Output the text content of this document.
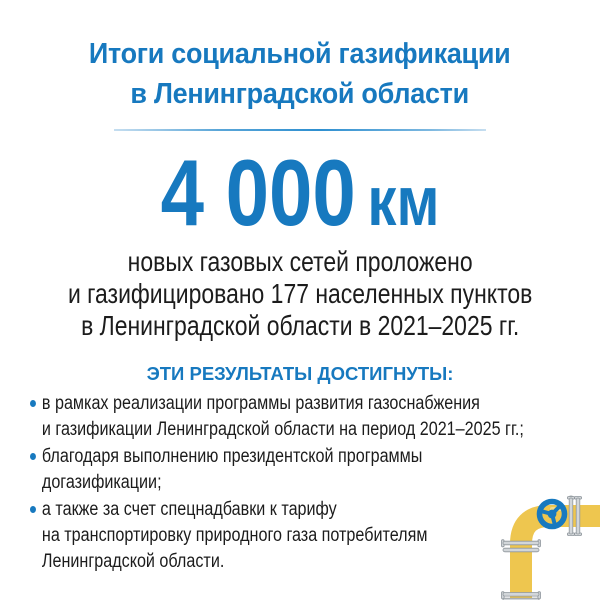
Итоги социальной газификации
в Ленинградской области
4 000 км
новых газовых сетей проложено
и газифицировано 177 населенных пунктов
в Ленинградской области в 2021–2025 гг.
ЭТИ РЕЗУЛЬТАТЫ ДОСТИГНУТЫ:
в рамках реализации программы развития газоснабжения
и газификации Ленинградской области на период 2021–2025 гг.;
благодаря выполнению президентской программы
догазификации;
а также за счет спецнадбавки к тарифу
на транспортировку природного газа потребителям
Ленинградской области.
